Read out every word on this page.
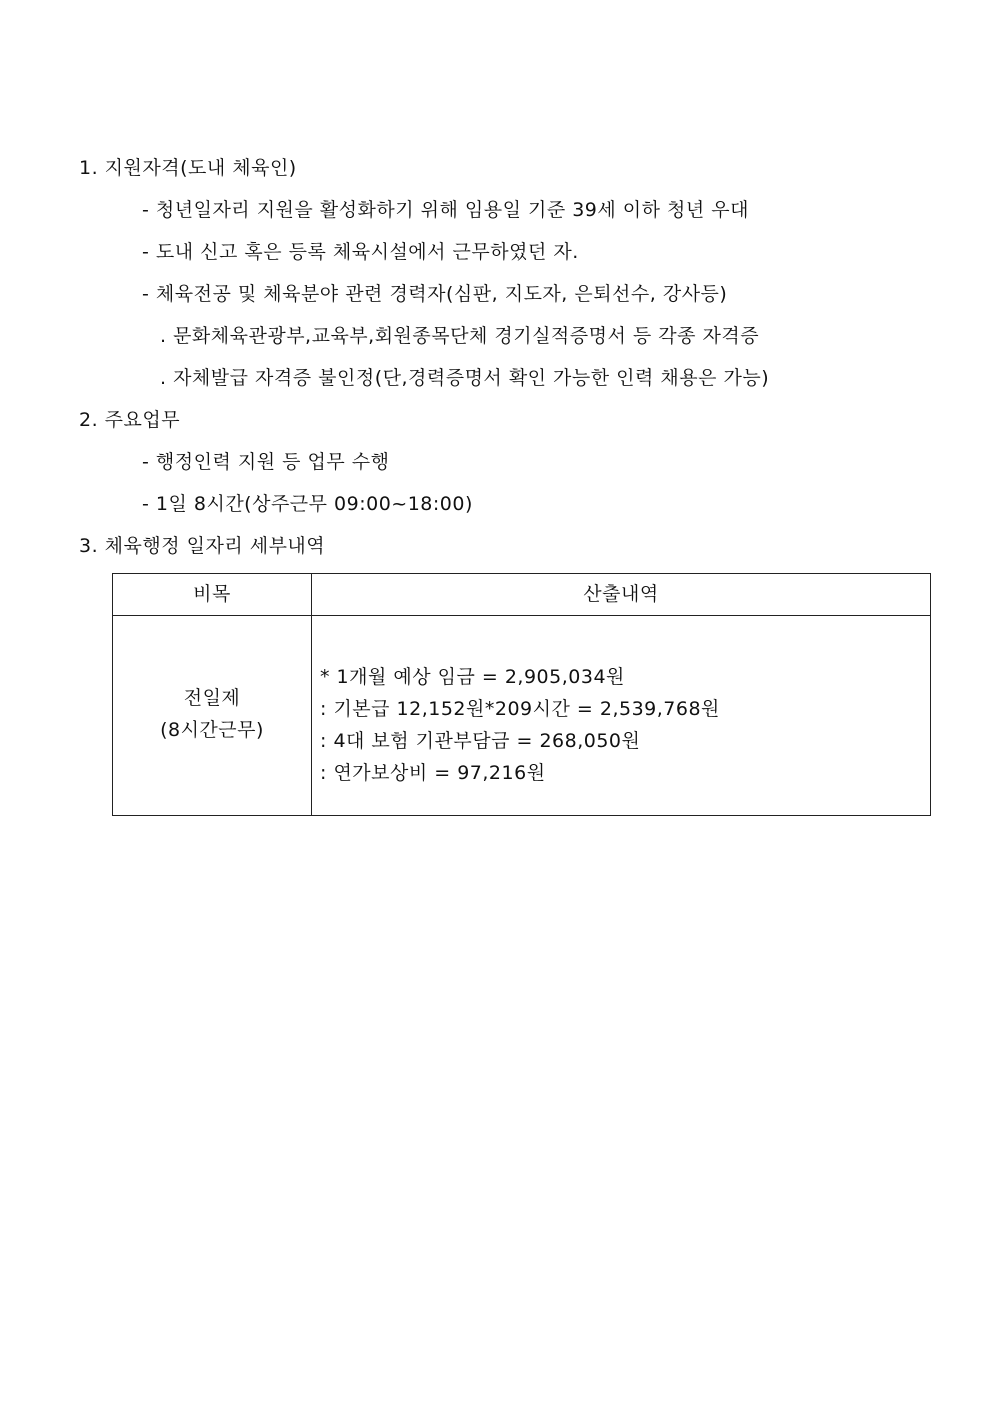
1. 지원자격(도내 체육인)
- 청년일자리 지원을 활성화하기 위해 임용일 기준 39세 이하 청년 우대
- 도내 신고 혹은 등록 체육시설에서 근무하였던 자.
- 체육전공 및 체육분야 관련 경력자(심판, 지도자, 은퇴선수, 강사등)
. 문화체육관광부,교육부,회원종목단체 경기실적증명서 등 각종 자격증
. 자체발급 자격증 불인정(단,경력증명서 확인 가능한 인력 채용은 가능)
2. 주요업무
- 행정인력 지원 등 업무 수행
- 1일 8시간(상주근무 09:00~18:00)
3. 체육행정 일자리 세부내역
비목	산출내역
전일제
(8시간근무)
* 1개월 예상 임금 = 2,905,034원
: 기본급 12,152원*209시간 = 2,539,768원
: 4대 보험 기관부담금 = 268,050원
: 연가보상비 = 97,216원
